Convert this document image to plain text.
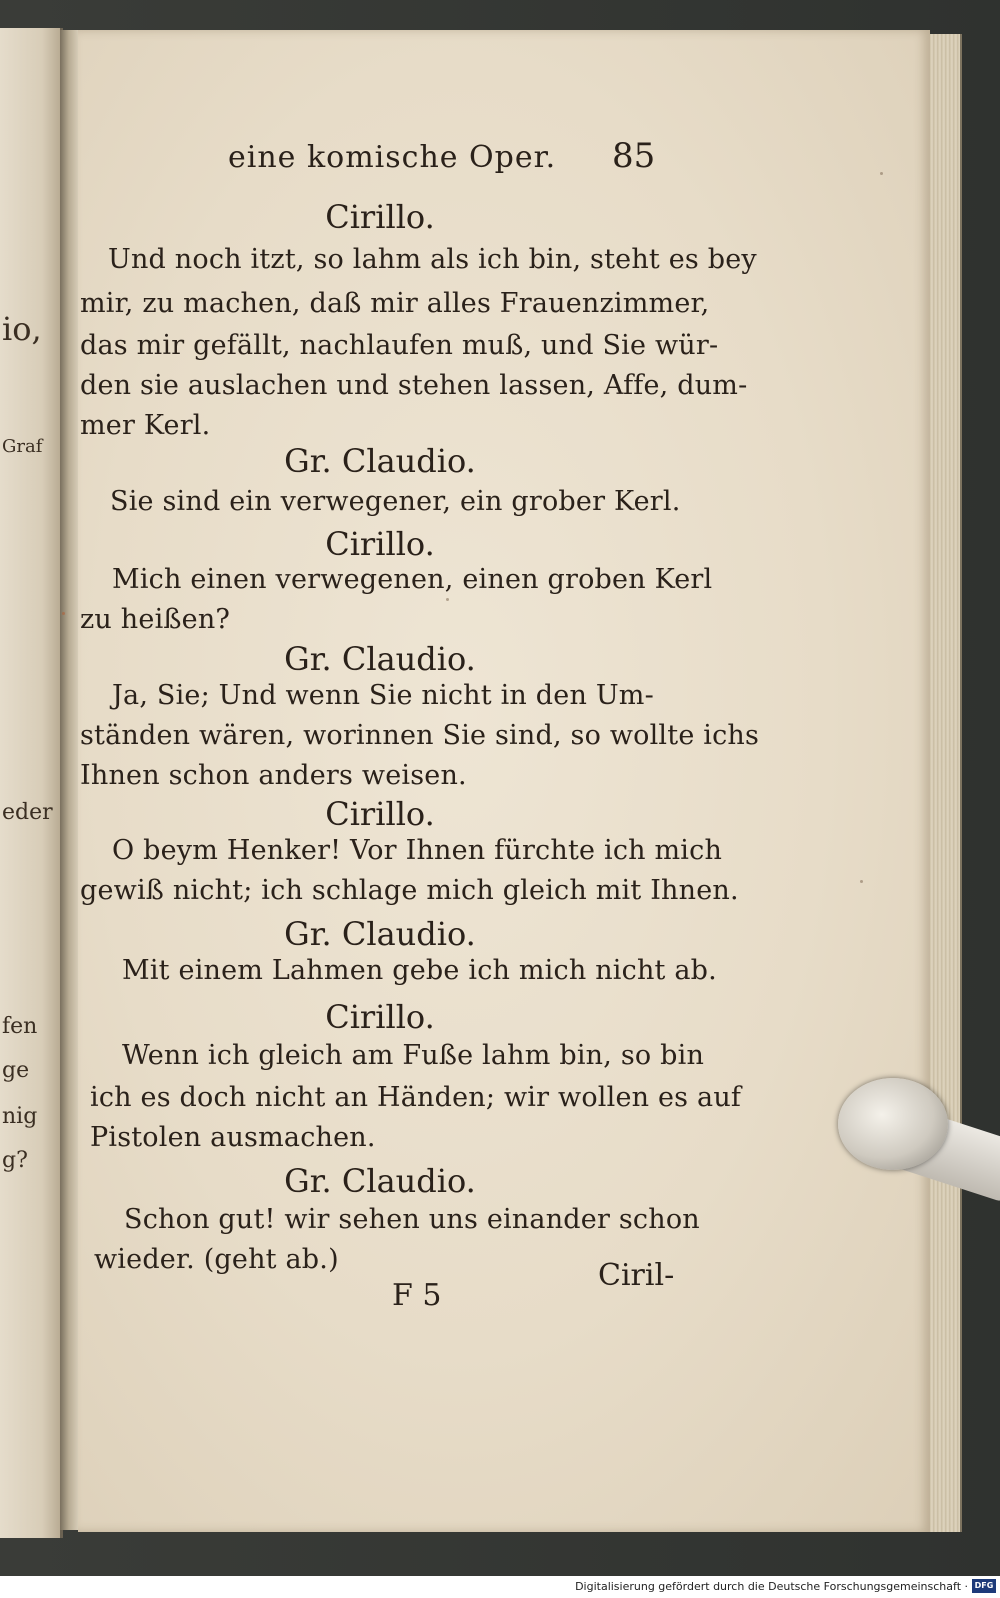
io,
Graf
eder
fen
ge
nig
g?
eine komische Oper. 85
Cirillo.
Und noch itzt, so lahm als ich bin, steht es bey
mir, zu machen, daß mir alles Frauenzimmer,
das mir gefällt, nachlaufen muß, und Sie wür-
den sie auslachen und stehen lassen, Affe, dum-
mer Kerl.
Gr. Claudio.
Sie sind ein verwegener, ein grober Kerl.
Cirillo.
Mich einen verwegenen, einen groben Kerl
zu heißen?
Gr. Claudio.
Ja, Sie; Und wenn Sie nicht in den Um-
ständen wären, worinnen Sie sind, so wollte ichs
Ihnen schon anders weisen.
Cirillo.
O beym Henker! Vor Ihnen fürchte ich mich
gewiß nicht; ich schlage mich gleich mit Ihnen.
Gr. Claudio.
Mit einem Lahmen gebe ich mich nicht ab.
Cirillo.
Wenn ich gleich am Fuße lahm bin, so bin
ich es doch nicht an Händen; wir wollen es auf
Pistolen ausmachen.
Gr. Claudio.
Schon gut! wir sehen uns einander schon
wieder. (geht ab.)
F 5
Ciril-
Digitalisierung gefördert durch die Deutsche Forschungsgemeinschaft · DFG
